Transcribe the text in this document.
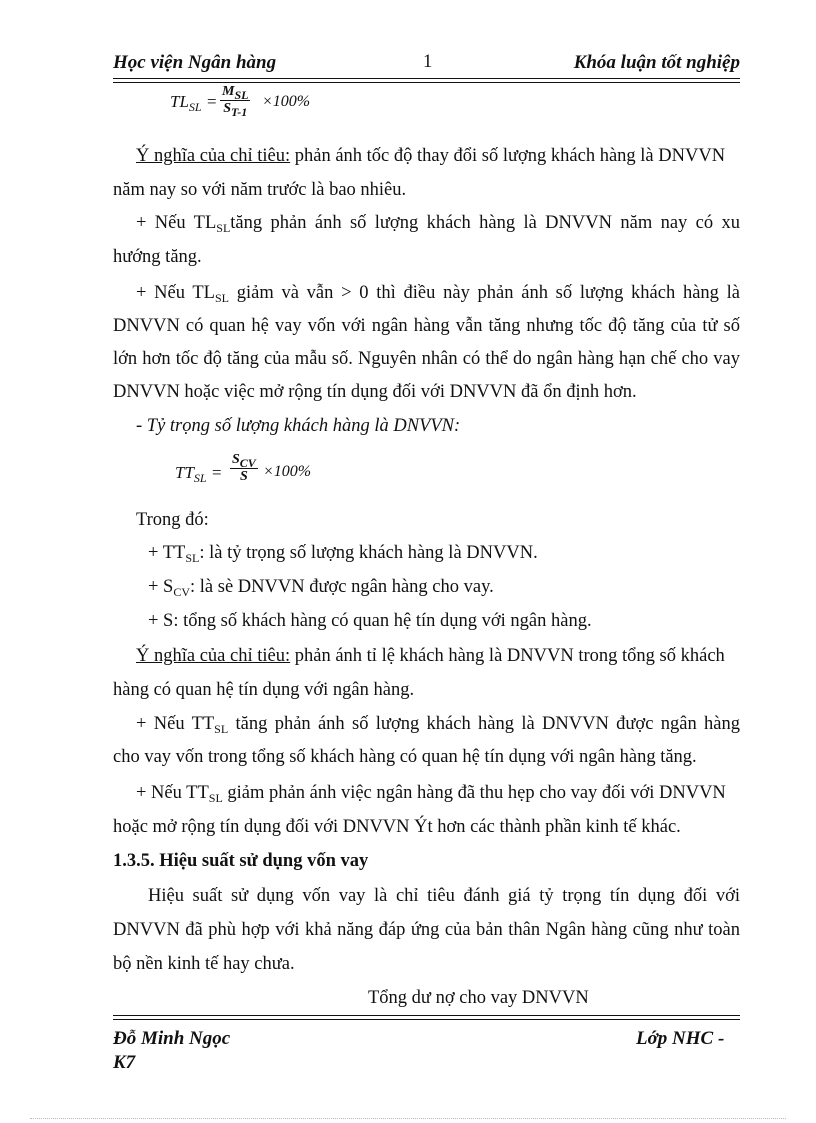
Học viện Ngân hàng	1	Khóa luận tốt nghiệp
$TL_{SL}$ =
$M_{SL}$
$S_{T-1}$
×100%
Ý nghĩa của chỉ tiêu: phản ánh tốc độ thay đổi số lượng khách hàng là DNVVN
năm nay so với năm trước là bao nhiêu.
+ Nếu $TL_{SL}tăng$ phản ánh số lượng khách hàng là DNVVN năm nay có xu
hướng tăng.
+ Nếu $TL_{SL}$ giảm và vẫn > 0 thì điều này phản ánh số lượng khách hàng là
DNVVN có quan hệ vay vốn với ngân hàng vẫn tăng nhưng tốc độ tăng của tử số
lớn hơn tốc độ tăng của mẫu số. Nguyên nhân có thể do ngân hàng hạn chế cho vay
DNVVN hoặc việc mở rộng tín dụng đối với DNVVN đã ổn định hơn.
- Tỷ trọng số lượng khách hàng là DNVVN:
$TT_{SL}$ =
$S_{CV}$
S ×100%
Trong đó:
+ $TT_{SL}$: là tỷ trọng số lượng khách hàng là DNVVN.
+ $S_{CV}$: là sè DNVVN được ngân hàng cho vay.
+ S: tổng số khách hàng có quan hệ tín dụng với ngân hàng.
Ý nghĩa của chỉ tiêu: phản ánh tỉ lệ khách hàng là DNVVN trong tổng số khách
hàng có quan hệ tín dụng với ngân hàng.
+ Nếu $TT_{SL}$ tăng phản ánh số lượng khách hàng là DNVVN được ngân hàng
cho vay vốn trong tổng số khách hàng có quan hệ tín dụng với ngân hàng tăng.
+ Nếu $TT_{SL}$ giảm phản ánh việc ngân hàng đã thu hẹp cho vay đối với DNVVN
hoặc mở rộng tín dụng đối với DNVVN Ýt hơn các thành phần kinh tế khác.
1.3.5. Hiệu suất sử dụng vốn vay
Hiệu suất sử dụng vốn vay là chỉ tiêu đánh giá tỷ trọng tín dụng đối với
DNVVN đã phù hợp với khả năng đáp ứng của bản thân Ngân hàng cũng như toàn
bộ nền kinh tế hay chưa.
Tổng dư nợ cho vay DNVVN
Đỗ Minh Ngọc
K7
Lớp NHC -
